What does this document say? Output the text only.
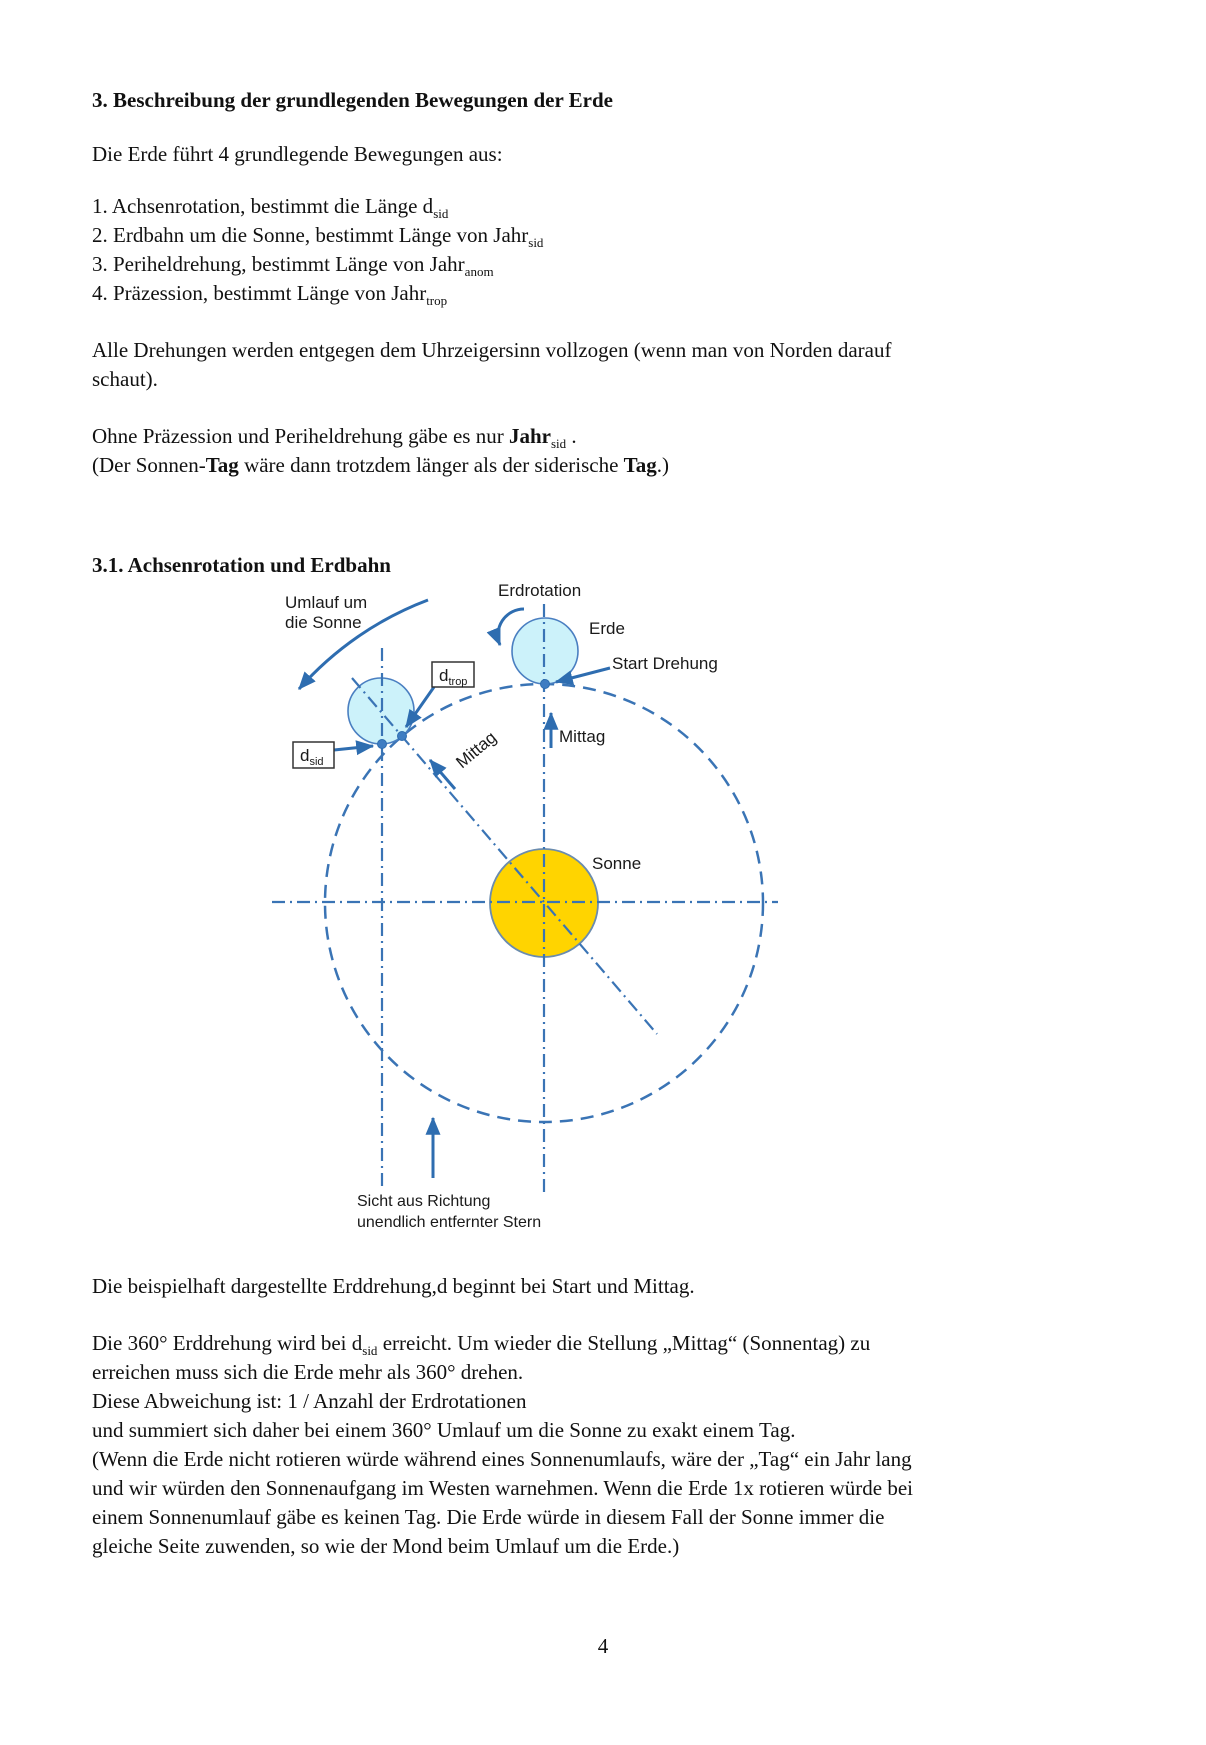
3. Beschreibung der grundlegenden Bewegungen der Erde
Die Erde führt 4 grundlegende Bewegungen aus:
1. Achsenrotation, bestimmt die Länge $d_{sid}$
2. Erdbahn um die Sonne, bestimmt Länge von Jahr$_{sid}$
3. Periheldrehung, bestimmt Länge von Jahr$_{anom}$
4. Präzession, bestimmt Länge von Jahr$_{trop}$
Alle Drehungen werden entgegen dem Uhrzeigersinn vollzogen (wenn man von Norden darauf
schaut).
Ohne Präzession und Periheldrehung gäbe es nur Jahr$_{sid}$ .
(Der Sonnen-Tag wäre dann trotzdem länger als der siderische Tag.)
3.1. Achsenrotation und Erdbahn
$d_{trop}$
$d_{sid}$
Erdrotation
Erde
Start Drehung
Mittag
Mittag
Sonne
Umlauf um
die Sonne
Sicht aus Richtung
unendlich entfernter Stern
Die beispielhaft dargestellte Erddrehung,d beginnt bei Start und Mittag.
Die 360° Erddrehung wird bei $d_{sid}$ erreicht. Um wieder die Stellung „Mittag“ (Sonnentag) zu
erreichen muss sich die Erde mehr als 360° drehen.
Diese Abweichung ist: 1 / Anzahl der Erdrotationen
und summiert sich daher bei einem 360° Umlauf um die Sonne zu exakt einem Tag.
(Wenn die Erde nicht rotieren würde während eines Sonnenumlaufs, wäre der „Tag“ ein Jahr lang
und wir würden den Sonnenaufgang im Westen warnehmen. Wenn die Erde 1x rotieren würde bei
einem Sonnenumlauf gäbe es keinen Tag. Die Erde würde in diesem Fall der Sonne immer die
gleiche Seite zuwenden, so wie der Mond beim Umlauf um die Erde.)
4
